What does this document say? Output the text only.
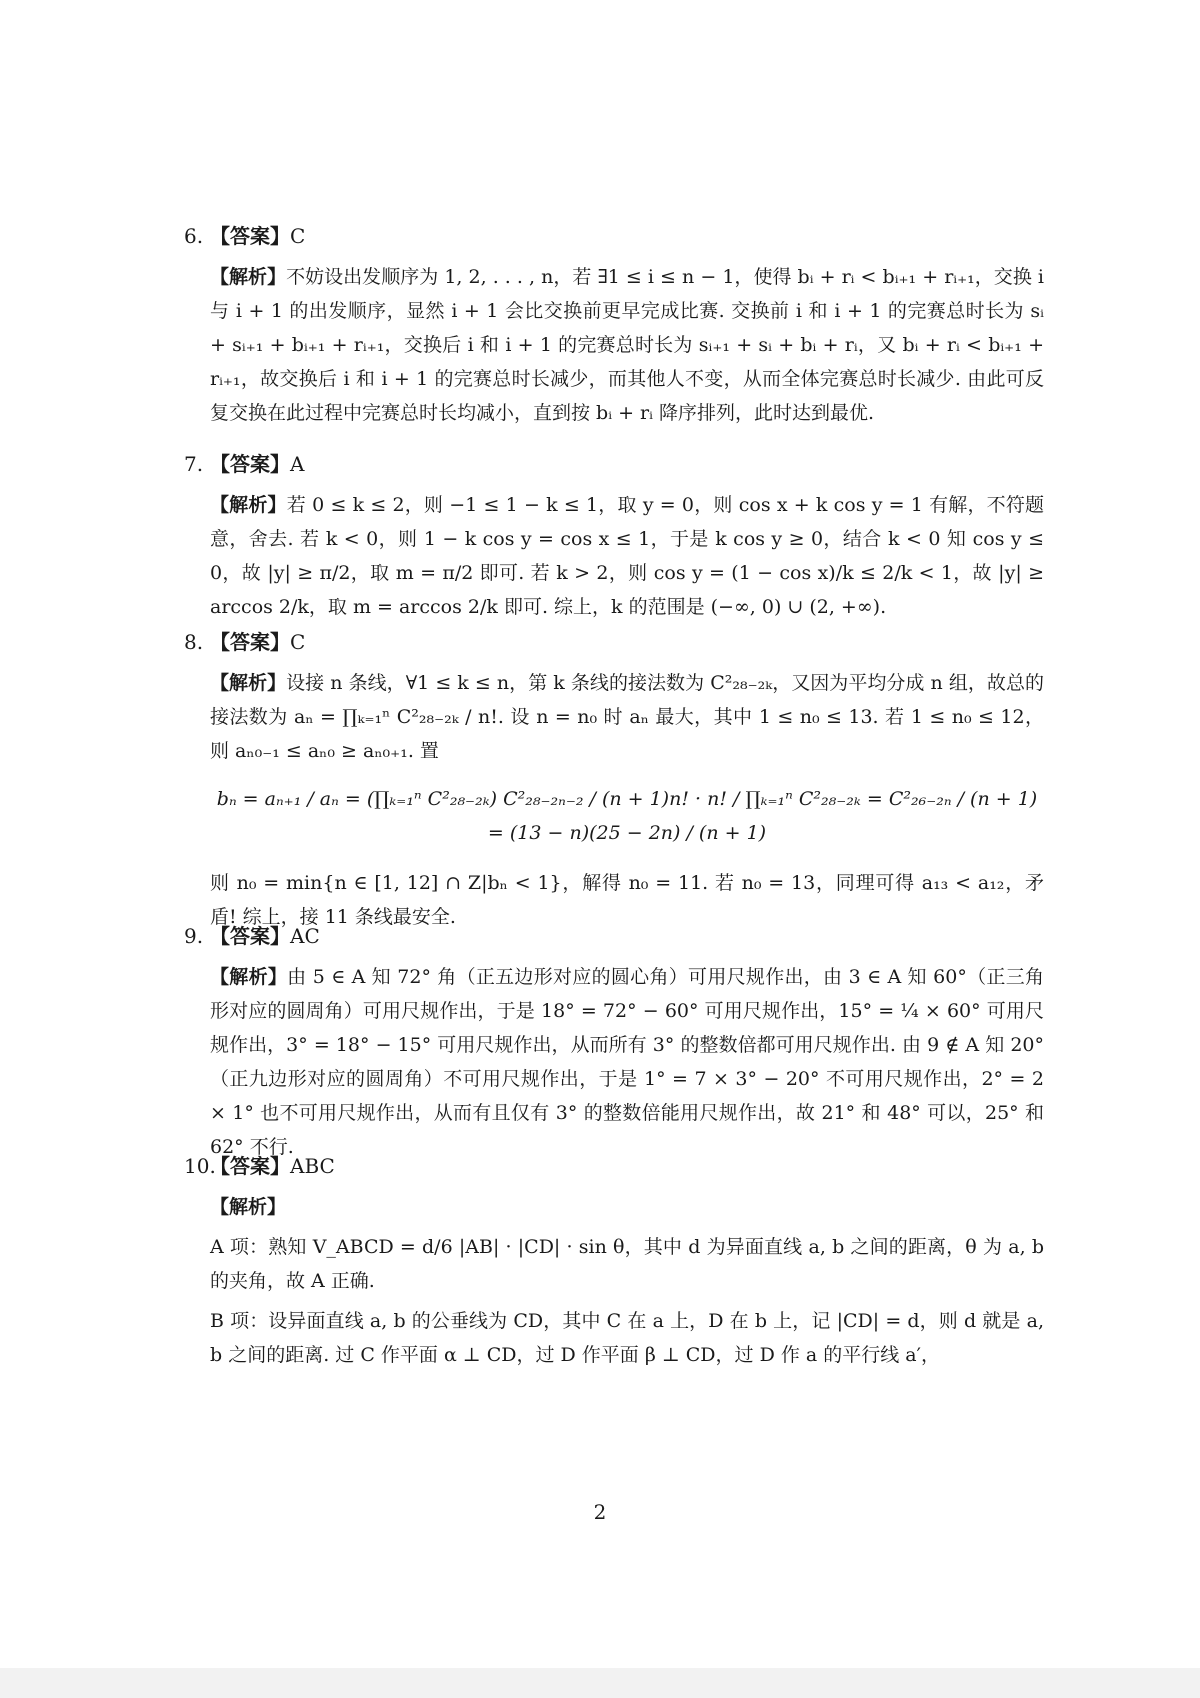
6. 【答案】C
【解析】不妨设出发顺序为 1, 2, . . . , n，若 ∃1 ≤ i ≤ n − 1，使得 bᵢ + rᵢ < bᵢ₊₁ + rᵢ₊₁，交换 i 与 i + 1 的出发顺序，显然 i + 1 会比交换前更早完成比赛. 交换前 i 和 i + 1 的完赛总时长为 sᵢ + sᵢ₊₁ + bᵢ₊₁ + rᵢ₊₁，交换后 i 和 i + 1 的完赛总时长为 sᵢ₊₁ + sᵢ + bᵢ + rᵢ，又 bᵢ + rᵢ < bᵢ₊₁ + rᵢ₊₁，故交换后 i 和 i + 1 的完赛总时长减少，而其他人不变，从而全体完赛总时长减少. 由此可反复交换在此过程中完赛总时长均减小，直到按 bᵢ + rᵢ 降序排列，此时达到最优.
7. 【答案】A
【解析】若 0 ≤ k ≤ 2，则 −1 ≤ 1 − k ≤ 1，取 y = 0，则 cos x + k cos y = 1 有解，不符题意，舍去. 若 k < 0，则 1 − k cos y = cos x ≤ 1，于是 k cos y ≥ 0，结合 k < 0 知 cos y ≤ 0，故 |y| ≥ π/2，取 m = π/2 即可. 若 k > 2，则 cos y = (1 − cos x)/k ≤ 2/k < 1，故 |y| ≥ arccos 2/k，取 m = arccos 2/k 即可. 综上，k 的范围是 (−∞, 0) ∪ (2, +∞).
8. 【答案】C
【解析】设接 n 条线，∀1 ≤ k ≤ n，第 k 条线的接法数为 C²₂₈₋₂ₖ，又因为平均分成 n 组，故总的接法数为 aₙ = ∏ₖ₌₁ⁿ C²₂₈₋₂ₖ / n!. 设 n = n₀ 时 aₙ 最大，其中 1 ≤ n₀ ≤ 13. 若 1 ≤ n₀ ≤ 12，则 aₙ₀₋₁ ≤ aₙ₀ ≥ aₙ₀₊₁. 置
bₙ = aₙ₊₁ / aₙ = (∏ₖ₌₁ⁿ C²₂₈₋₂ₖ) C²₂₈₋₂ₙ₋₂ / (n + 1)n! · n! / ∏ₖ₌₁ⁿ C²₂₈₋₂ₖ = C²₂₆₋₂ₙ / (n + 1) = (13 − n)(25 − 2n) / (n + 1)
则 n₀ = min{n ∈ [1, 12] ∩ Z|bₙ < 1}，解得 n₀ = 11. 若 n₀ = 13，同理可得 a₁₃ < a₁₂，矛盾! 综上，接 11 条线最安全.
9. 【答案】AC
【解析】由 5 ∈ A 知 72° 角（正五边形对应的圆心角）可用尺规作出，由 3 ∈ A 知 60°（正三角形对应的圆周角）可用尺规作出，于是 18° = 72° − 60° 可用尺规作出，15° = ¼ × 60° 可用尺规作出，3° = 18° − 15° 可用尺规作出，从而所有 3° 的整数倍都可用尺规作出. 由 9 ∉ A 知 20°（正九边形对应的圆周角）不可用尺规作出，于是 1° = 7 × 3° − 20° 不可用尺规作出，2° = 2 × 1° 也不可用尺规作出，从而有且仅有 3° 的整数倍能用尺规作出，故 21° 和 48° 可以，25° 和 62° 不行.
10.【答案】ABC
【解析】
A 项：熟知 V_ABCD = d/6 |AB| · |CD| · sin θ，其中 d 为异面直线 a, b 之间的距离，θ 为 a, b 的夹角，故 A 正确.
B 项：设异面直线 a, b 的公垂线为 CD，其中 C 在 a 上，D 在 b 上，记 |CD| = d，则 d 就是 a, b 之间的距离. 过 C 作平面 α ⊥ CD，过 D 作平面 β ⊥ CD，过 D 作 a 的平行线 a′，
2
